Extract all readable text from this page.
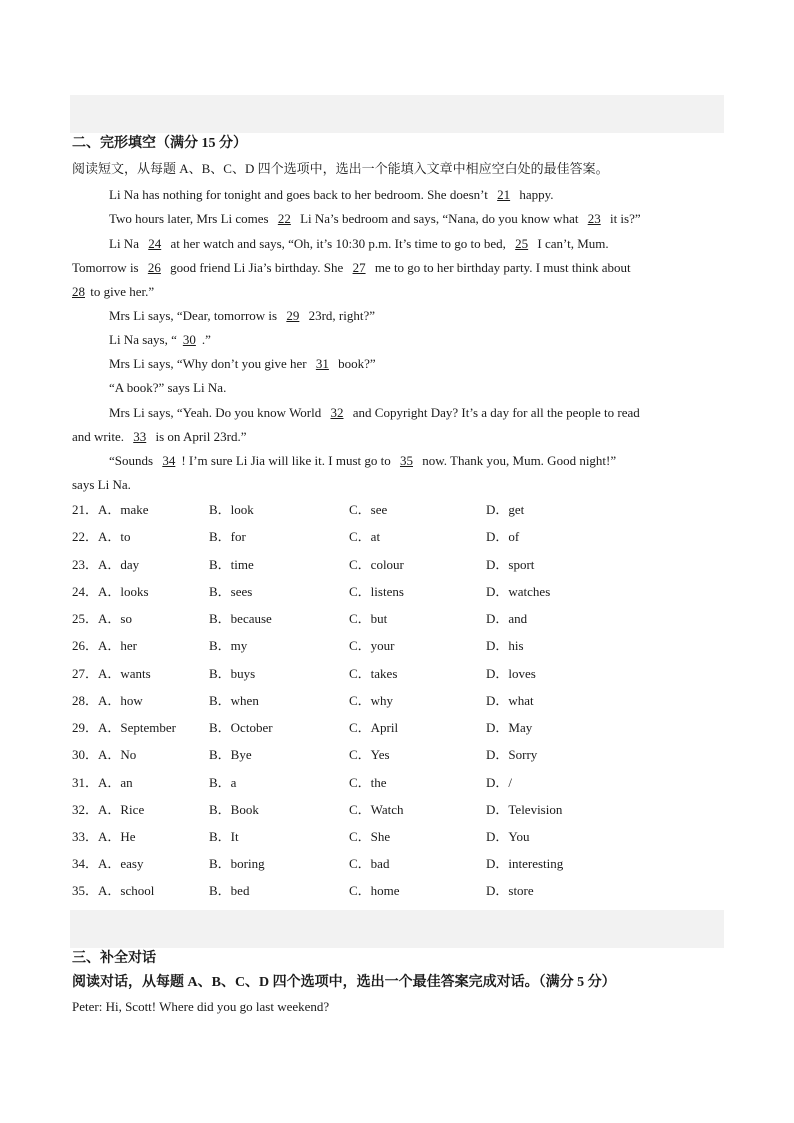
二、完形填空（满分 15 分）
阅读短文，从每题 A、B、C、D 四个选项中，选出一个能填入文章中相应空白处的最佳答案。
Li Na has nothing for tonight and goes back to her bedroom. She doesn’t 21 happy.
Two hours later, Mrs Li comes 22 Li Na’s bedroom and says, “Nana, do you know what 23 it is?”
Li Na 24 at her watch and says, “Oh, it’s 10:30 p.m. It’s time to go to bed, 25 I can’t, Mum.
Tomorrow is 26 good friend Li Jia’s birthday. She 27 me to go to her birthday party. I must think about
28 to give her.”
Mrs Li says, “Dear, tomorrow is 29 23rd, right?”
Li Na says, “ 30 .”
Mrs Li says, “Why don’t you give her 31 book?”
“A book?” says Li Na.
Mrs Li says, “Yeah. Do you know World 32 and Copyright Day? It’s a day for all the people to read
and write. 33 is on April 23rd.”
“Sounds 34 ! I’m sure Li Jia will like it. I must go to 35 now. Thank you, Mum. Good night!”
says Li Na.
21．A．make	B．look	C．see	D．get
22．A．to	B．for	C．at	D．of
23．A．day	B．time	C．colour	D．sport
24．A．looks	B．sees	C．listens	D．watches
25．A．so	B．because	C．but	D．and
26．A．her	B．my	C．your	D．his
27．A．wants	B．buys	C．takes	D．loves
28．A．how	B．when	C．why	D．what
29．A．September	B．October	C．April	D．May
30．A．No	B．Bye	C．Yes	D．Sorry
31．A．an	B．a	C．the	D．/
32．A．Rice	B．Book	C．Watch	D．Television
33．A．He	B．It	C．She	D．You
34．A．easy	B．boring	C．bad	D．interesting
35．A．school	B．bed	C．home	D．store
三、补全对话
阅读对话，从每题 A、B、C、D 四个选项中，选出一个最佳答案完成对话。（满分 5 分）
Peter: Hi, Scott! Where did you go last weekend?
